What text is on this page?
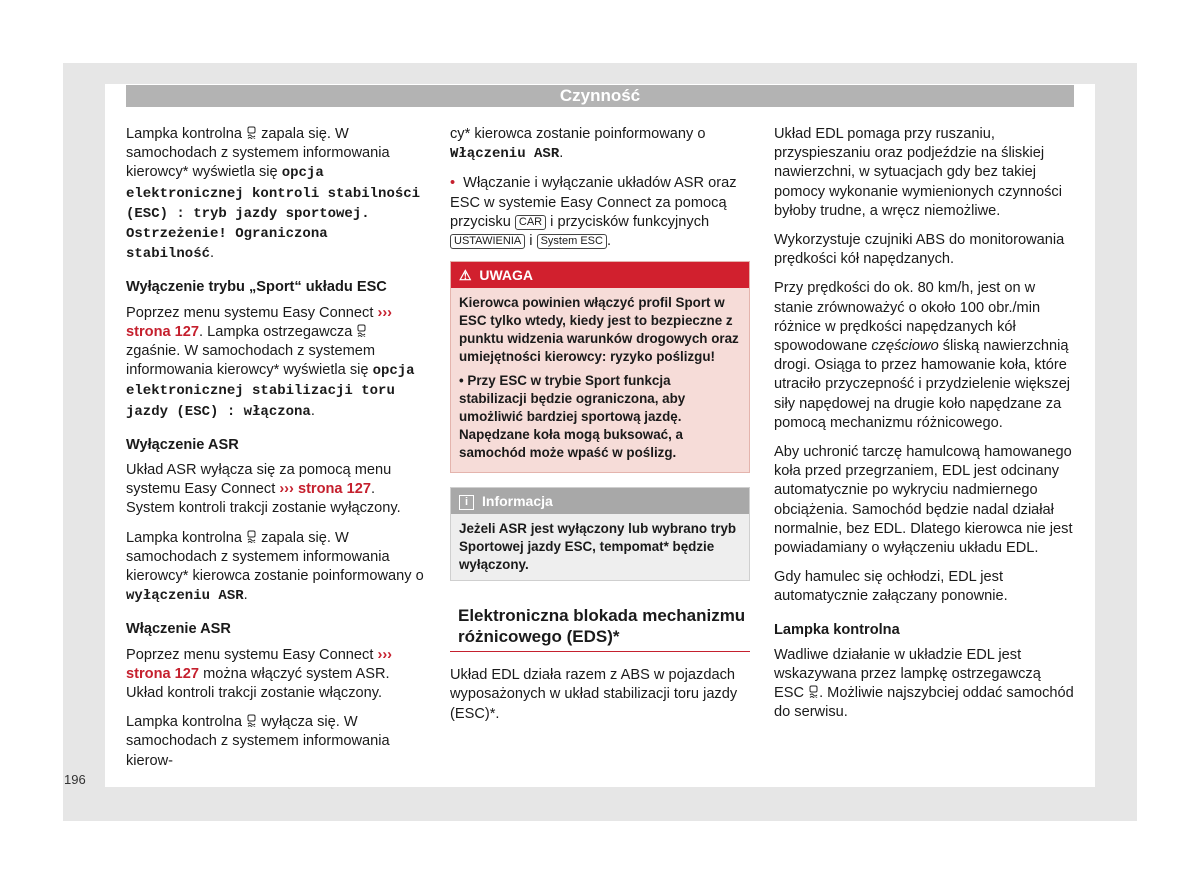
Czynność

Lampka kontrolna  zapala się. W samochodach z systemem informowania kierowcy* wyświetla się opcja elektronicznej kontroli stabilności (ESC) : tryb jazdy sportowej. Ostrzeżenie! Ograniczona stabilność.

Wyłączenie trybu „Sport“ układu ESC

Poprzez menu systemu Easy Connect ››› strona 127. Lampka ostrzegawcza  zgaśnie. W samochodach z systemem informowania kierowcy* wyświetla się opcja elektronicznej stabilizacji toru jazdy (ESC) : włączona.

Wyłączenie ASR

Układ ASR wyłącza się za pomocą menu systemu Easy Connect ››› strona 127. System kontroli trakcji zostanie wyłączony.

Lampka kontrolna  zapala się. W samochodach z systemem informowania kierowcy* kierowca zostanie poinformowany o wyłączeniu ASR.

Włączenie ASR

Poprzez menu systemu Easy Connect ››› strona 127 można włączyć system ASR. Układ kontroli trakcji zostanie włączony.

Lampka kontrolna  wyłącza się. W samochodach z systemem informowania kierow-

cy* kierowca zostanie poinformowany o Włączeniu ASR.

• Włączanie i wyłączanie układów ASR oraz ESC w systemie Easy Connect za pomocą przycisku CAR i przycisków funkcyjnych USTAWIENIA i System ESC .

⚠ UWAGA

Kierowca powinien włączyć profil Sport w ESC tylko wtedy, kiedy jest to bezpieczne z punktu widzenia warunków drogowych oraz umiejętności kierowcy: ryzyko poślizgu!

• Przy ESC w trybie Sport funkcja stabilizacji będzie ograniczona, aby umożliwić bardziej sportową jazdę. Napędzane koła mogą buksować, a samochód może wpaść w poślizg.

i Informacja
Jeżeli ASR jest wyłączony lub wybrano tryb Sportowej jazdy ESC, tempomat* będzie wyłączony.
Elektroniczna blokada mechanizmu różnicowego (EDS)*

Układ EDL działa razem z ABS w pojazdach wyposażonych w układ stabilizacji toru jazdy (ESC)*.

Układ EDL pomaga przy ruszaniu, przyspieszaniu oraz podjeździe na śliskiej nawierzchni, w sytuacjach gdy bez takiej pomocy wykonanie wymienionych czynności byłoby trudne, a wręcz niemożliwe.

Wykorzystuje czujniki ABS do monitorowania prędkości kół napędzanych.

Przy prędkości do ok. 80 km/h, jest on w stanie zrównoważyć o około 100 obr./min różnice w prędkości napędzanych kół spowodowane częściowo śliską nawierzchnią drogi. Osiąga to przez hamowanie koła, które utraciło przyczepność i przydzielenie większej siły napędowej na drugie koło napędzane za pomocą mechanizmu różnicowego.

Aby uchronić tarczę hamulcową hamowanego koła przed przegrzaniem, EDL jest odcinany automatycznie po wykryciu nadmiernego obciążenia. Samochód będzie nadal działał normalnie, bez EDL. Dlatego kierowca nie jest powiadamiany o wyłączeniu układu EDL.

Gdy hamulec się ochłodzi, EDL jest automatycznie załączany ponownie.

Lampka kontrolna

Wadliwe działanie w układzie EDL jest wskazywana przez lampkę ostrzegawczą ESC . Możliwie najszybciej oddać samochód do serwisu.

196
